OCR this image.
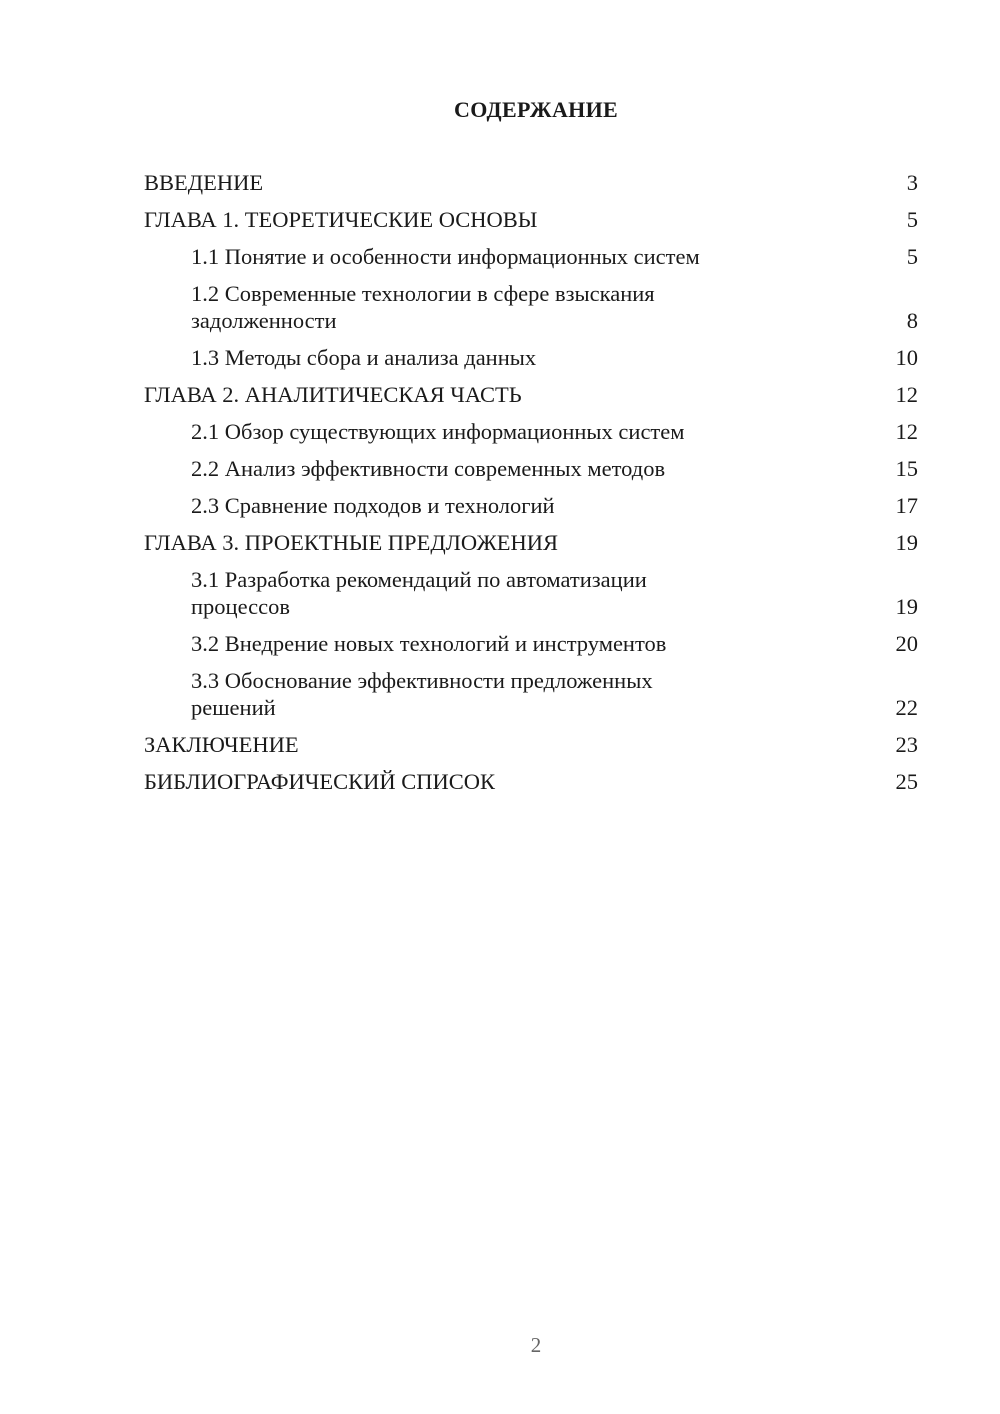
СОДЕРЖАНИЕ
ВВЕДЕНИЕ	3
ГЛАВА 1. ТЕОРЕТИЧЕСКИЕ ОСНОВЫ	5
1.1 Понятие и особенности информационных систем	5
1.2 Современные технологии в сфере взыскания задолженности	8
1.3 Методы сбора и анализа данных	10
ГЛАВА 2. АНАЛИТИЧЕСКАЯ ЧАСТЬ	12
2.1 Обзор существующих информационных систем	12
2.2 Анализ эффективности современных методов	15
2.3 Сравнение подходов и технологий	17
ГЛАВА 3. ПРОЕКТНЫЕ ПРЕДЛОЖЕНИЯ	19
3.1 Разработка рекомендаций по автоматизации процессов	19
3.2 Внедрение новых технологий и инструментов	20
3.3 Обоснование эффективности предложенных решений	22
ЗАКЛЮЧЕНИЕ	23
БИБЛИОГРАФИЧЕСКИЙ СПИСОК	25
2
